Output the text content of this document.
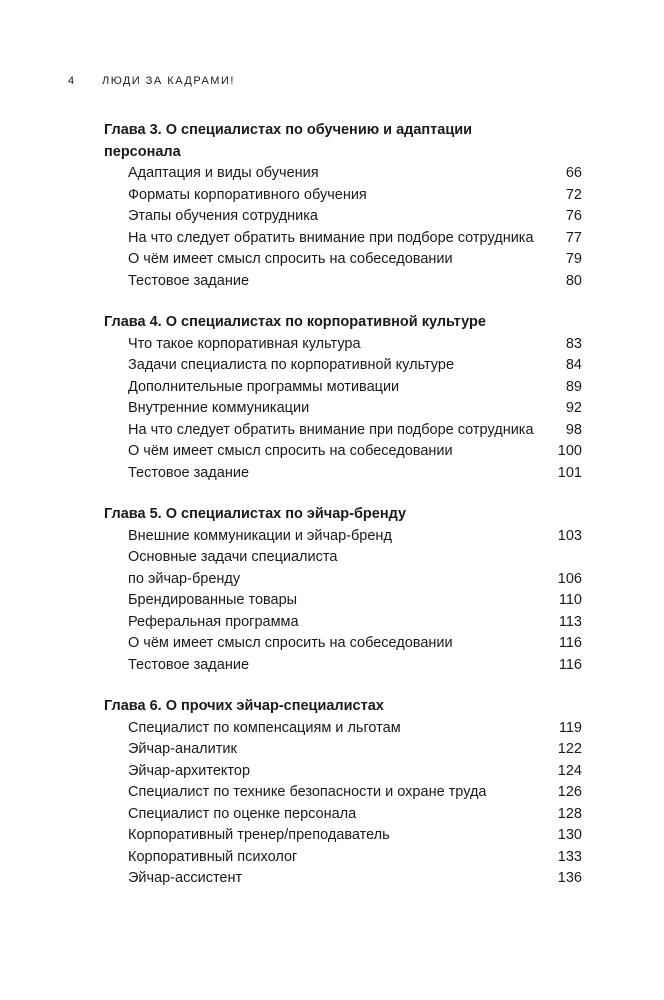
4 ЛЮДИ ЗА КАДРАМИ!
Глава 3. О специалистах по обучению и адаптации персонала
Адаптация и виды обучения	66
Форматы корпоративного обучения	72
Этапы обучения сотрудника	76
На что следует обратить внимание при подборе сотрудника	77
О чём имеет смысл спросить на собеседовании	79
Тестовое задание	80
Глава 4. О специалистах по корпоративной культуре
Что такое корпоративная культура	83
Задачи специалиста по корпоративной культуре	84
Дополнительные программы мотивации	89
Внутренние коммуникации	92
На что следует обратить внимание при подборе сотрудника	98
О чём имеет смысл спросить на собеседовании	100
Тестовое задание	101
Глава 5. О специалистах по эйчар-бренду
Внешние коммуникации и эйчар-бренд	103
Основные задачи специалиста
по эйчар-бренду	106
Брендированные товары	110
Реферальная программа	113
О чём имеет смысл спросить на собеседовании	116
Тестовое задание	116
Глава 6. О прочих эйчар-специалистах
Специалист по компенсациям и льготам	119
Эйчар-аналитик	122
Эйчар-архитектор	124
Специалист по технике безопасности и охране труда	126
Специалист по оценке персонала	128
Корпоративный тренер/преподаватель	130
Корпоративный психолог	133
Эйчар-ассистент	136
